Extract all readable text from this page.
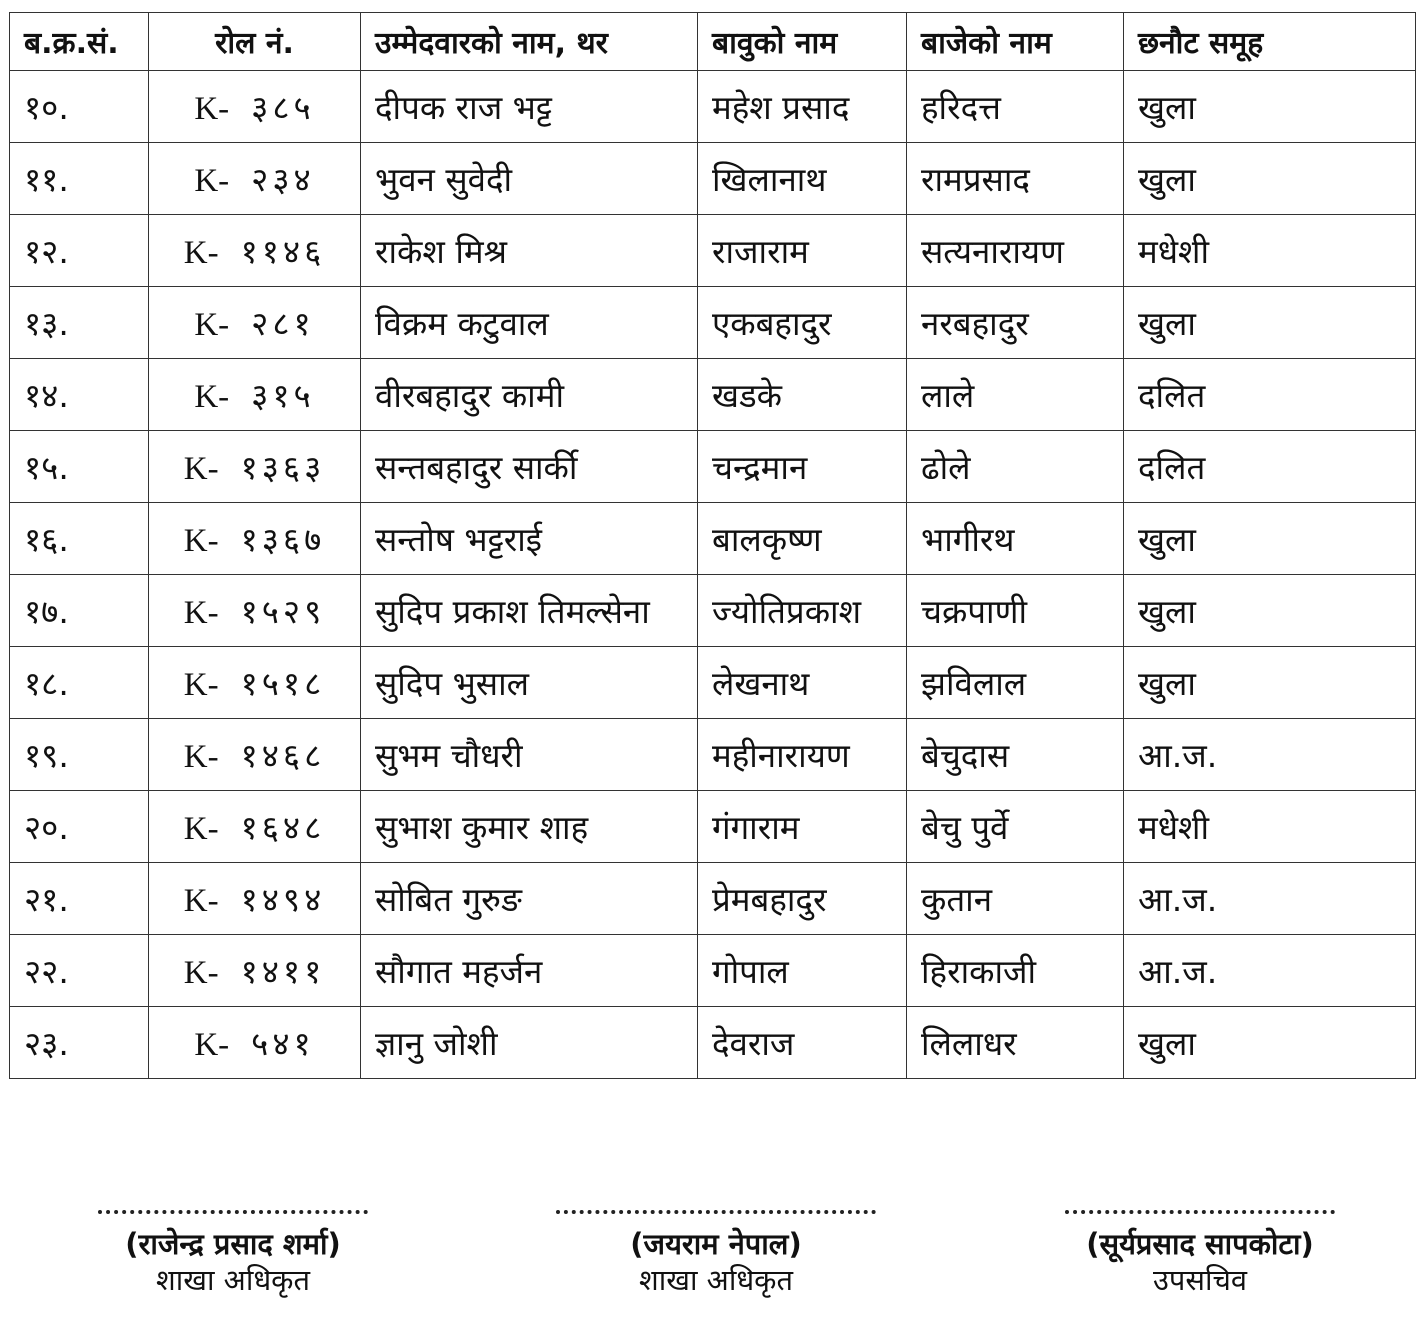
ब.क्र.सं.	रोल नं.	उम्मेदवारको नाम, थर	बावुको नाम	बाजेको नाम	छनौट समूह
१०.	K- ३८५	दीपक राज भट्ट	महेश प्रसाद	हरिदत्त	खुला
११.	K- २३४	भुवन सुवेदी	खिलानाथ	रामप्रसाद	खुला
१२.	K- ११४६	राकेश मिश्र	राजाराम	सत्यनारायण	मधेशी
१३.	K- २८१	विक्रम कटुवाल	एकबहादुर	नरबहादुर	खुला
१४.	K- ३१५	वीरबहादुर कामी	खडके	लाले	दलित
१५.	K- १३६३	सन्तबहादुर सार्की	चन्द्रमान	ढोले	दलित
१६.	K- १३६७	सन्तोष भट्टराई	बालकृष्ण	भागीरथ	खुला
१७.	K- १५२९	सुदिप प्रकाश तिमल्सेना	ज्योतिप्रकाश	चक्रपाणी	खुला
१८.	K- १५१८	सुदिप भुसाल	लेखनाथ	झविलाल	खुला
१९.	K- १४६८	सुभम चौधरी	महीनारायण	बेचुदास	आ.ज.
२०.	K- १६४८	सुभाश कुमार शाह	गंगाराम	बेचु पुर्वे	मधेशी
२१.	K- १४९४	सोबित गुरुङ	प्रेमबहादुर	कुतान	आ.ज.
२२.	K- १४११	सौगात महर्जन	गोपाल	हिराकाजी	आ.ज.
२३.	K- ५४१	ज्ञानु जोशी	देवराज	लिलाधर	खुला
(राजेन्द्र प्रसाद शर्मा)
शाखा अधिकृत
(जयराम नेपाल)
शाखा अधिकृत
(सूर्यप्रसाद सापकोटा)
उपसचिव
